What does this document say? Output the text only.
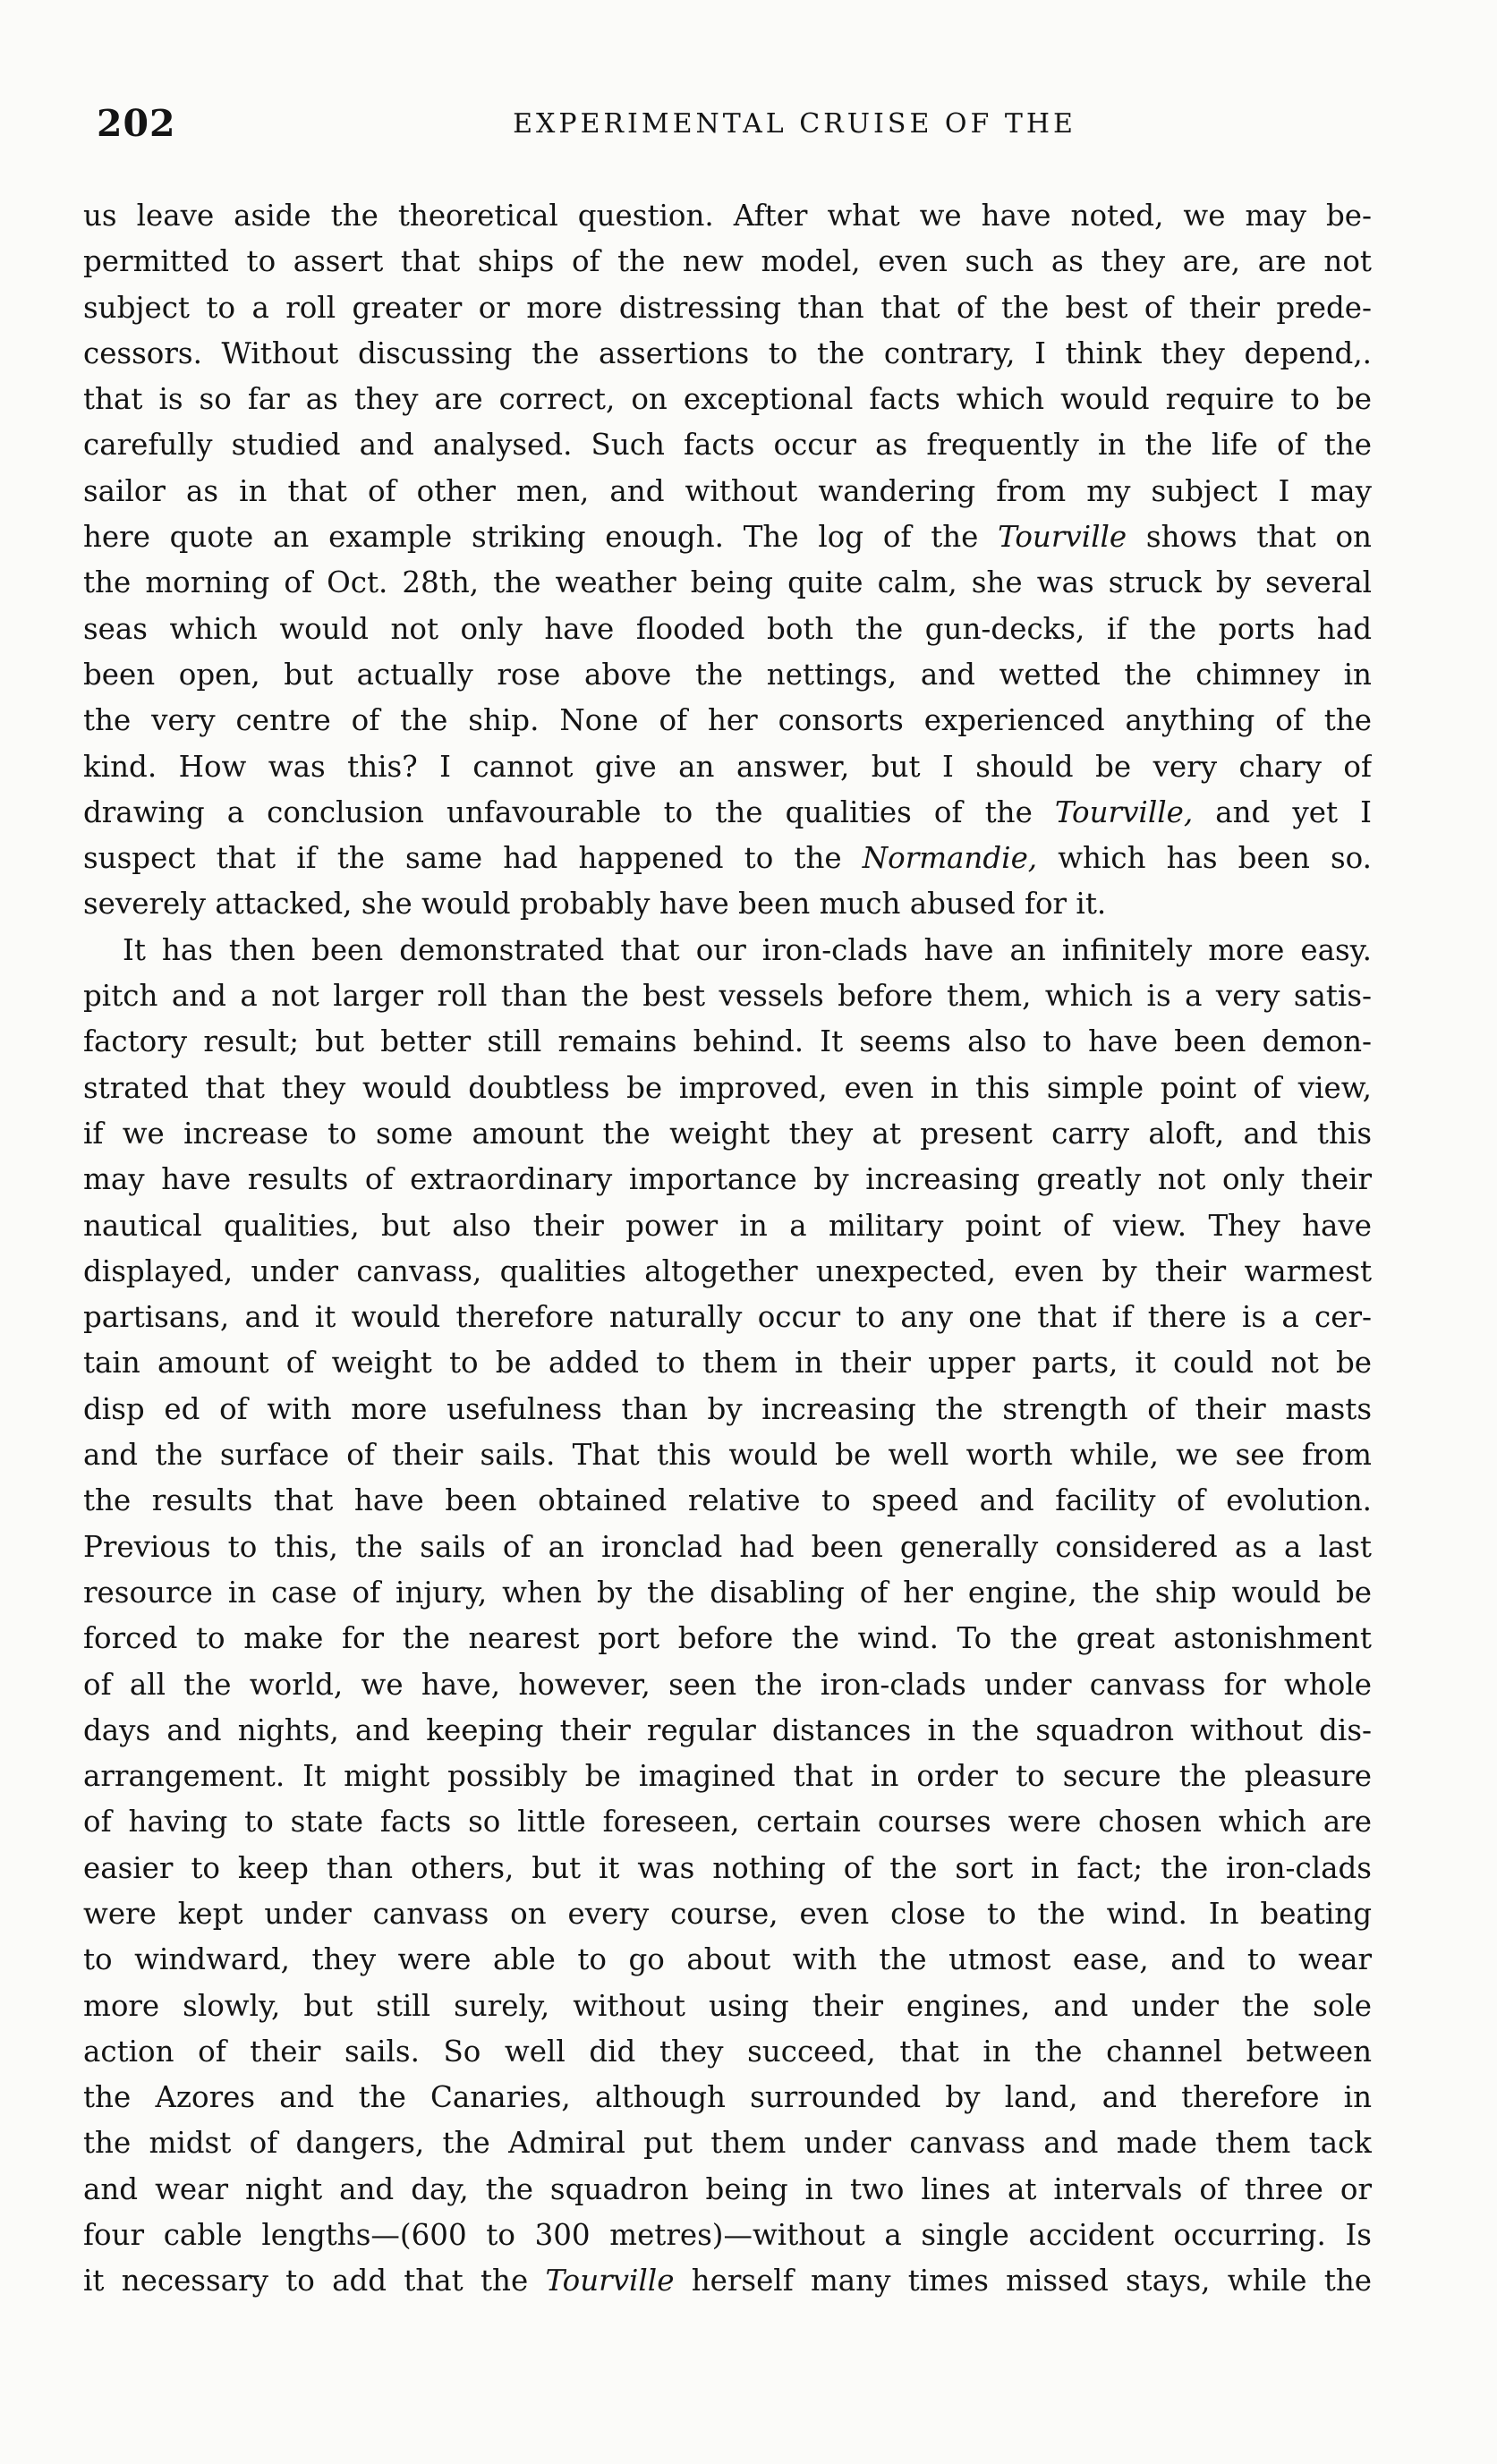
202	EXPERIMENTAL CRUISE OF THE
us leave aside the theoretical question. After what we have noted, we may be-
permitted to assert that ships of the new model, even such as they are, are not
subject to a roll greater or more distressing than that of the best of their prede-
cessors. Without discussing the assertions to the contrary, I think they depend,.
that is so far as they are correct, on exceptional facts which would require to be
carefully studied and analysed. Such facts occur as frequently in the life of the
sailor as in that of other men, and without wandering from my subject I may
here quote an example striking enough. The log of the Tourville shows that on
the morning of Oct. 28th, the weather being quite calm, she was struck by several
seas which would not only have flooded both the gun-decks, if the ports had
been open, but actually rose above the nettings, and wetted the chimney in
the very centre of the ship. None of her consorts experienced anything of the
kind. How was this? I cannot give an answer, but I should be very chary of
drawing a conclusion unfavourable to the qualities of the Tourville, and yet I
suspect that if the same had happened to the Normandie, which has been so.
severely attacked, she would probably have been much abused for it.
It has then been demonstrated that our iron-clads have an infinitely more easy.
pitch and a not larger roll than the best vessels before them, which is a very satis-
factory result; but better still remains behind. It seems also to have been demon-
strated that they would doubtless be improved, even in this simple point of view,
if we increase to some amount the weight they at present carry aloft, and this
may have results of extraordinary importance by increasing greatly not only their
nautical qualities, but also their power in a military point of view. They have
displayed, under canvass, qualities altogether unexpected, even by their warmest
partisans, and it would therefore naturally occur to any one that if there is a cer-
tain amount of weight to be added to them in their upper parts, it could not be
disp ed of with more usefulness than by increasing the strength of their masts
and the surface of their sails. That this would be well worth while, we see from
the results that have been obtained relative to speed and facility of evolution.
Previous to this, the sails of an ironclad had been generally considered as a last
resource in case of injury, when by the disabling of her engine, the ship would be
forced to make for the nearest port before the wind. To the great astonishment
of all the world, we have, however, seen the iron-clads under canvass for whole
days and nights, and keeping their regular distances in the squadron without dis-
arrangement. It might possibly be imagined that in order to secure the pleasure
of having to state facts so little foreseen, certain courses were chosen which are
easier to keep than others, but it was nothing of the sort in fact; the iron-clads
were kept under canvass on every course, even close to the wind. In beating
to windward, they were able to go about with the utmost ease, and to wear
more slowly, but still surely, without using their engines, and under the sole
action of their sails. So well did they succeed, that in the channel between
the Azores and the Canaries, although surrounded by land, and therefore in
the midst of dangers, the Admiral put them under canvass and made them tack
and wear night and day, the squadron being in two lines at intervals of three or
four cable lengths—(600 to 300 metres)—without a single accident occurring. Is
it necessary to add that the Tourville herself many times missed stays, while the
